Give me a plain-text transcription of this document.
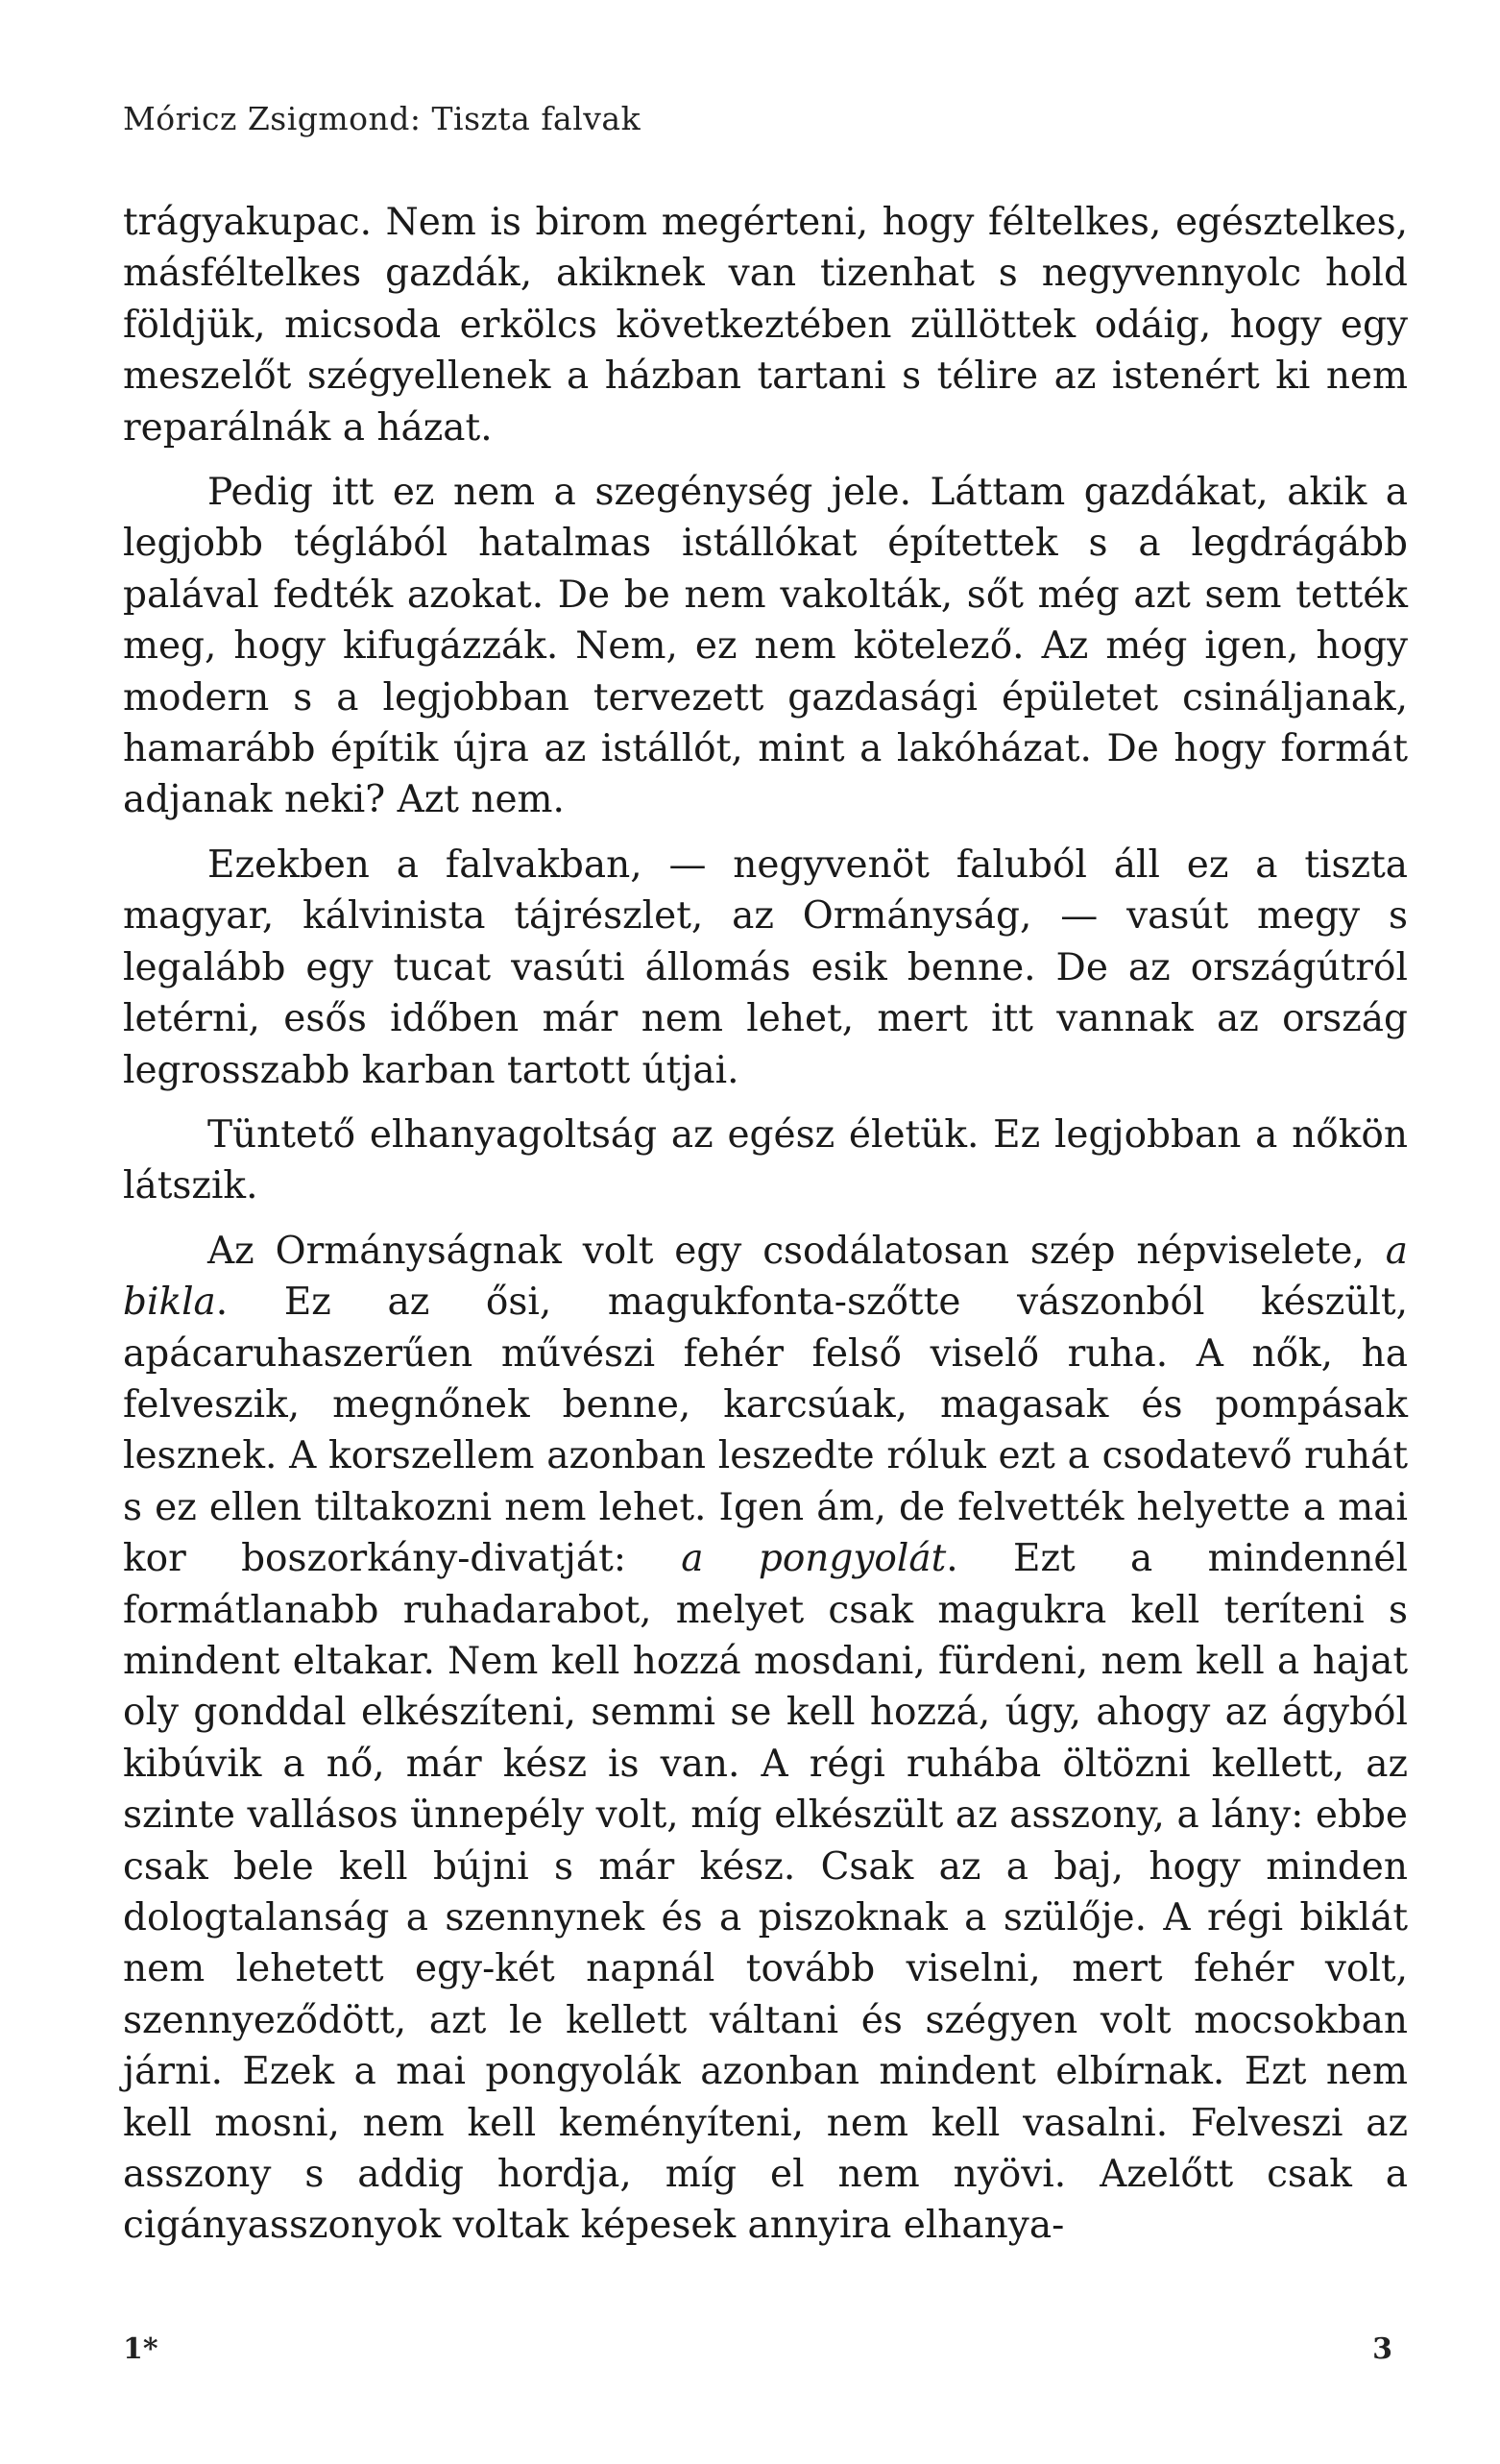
Móricz Zsigmond: Tiszta falvak

trágyakupac. Nem is birom megérteni, hogy féltelkes, egésztelkes, másféltelkes gazdák, akiknek van tizenhat s negyvennyolc hold földjük, micsoda erkölcs következtében züllöttek odáig, hogy egy meszelőt szégyellenek a házban tartani s télire az istenért ki nem reparálnák a házat.

Pedig itt ez nem a szegénység jele. Láttam gazdákat, akik a legjobb téglából hatalmas istállókat építettek s a legdrágább palával fedték azokat. De be nem vakolták, sőt még azt sem tették meg, hogy kifugázzák. Nem, ez nem kötelező. Az még igen, hogy modern s a legjobban tervezett gazdasági épületet csináljanak, hamarább építik újra az istállót, mint a lakóházat. De hogy formát adjanak neki? Azt nem.

Ezekben a falvakban, — negyvenöt faluból áll ez a tiszta magyar, kálvinista tájrészlet, az Ormányság, — vasút megy s legalább egy tucat vasúti állomás esik benne. De az országútról letérni, esős időben már nem lehet, mert itt vannak az ország legrosszabb karban tartott útjai.

Tüntető elhanyagoltság az egész életük. Ez legjobban a nőkön látszik.

Az Ormányságnak volt egy csodálatosan szép népviselete, a bikla. Ez az ősi, magukfonta-szőtte vászonból készült, apácaruhaszerűen művészi fehér felső viselő ruha. A nők, ha felveszik, megnőnek benne, karcsúak, magasak és pompásak lesznek. A korszellem azonban leszedte róluk ezt a csodatevő ruhát s ez ellen tiltakozni nem lehet. Igen ám, de felvették helyette a mai kor boszorkány-divatját: a pongyolát. Ezt a mindennél formátlanabb ruhadarabot, melyet csak magukra kell teríteni s mindent eltakar. Nem kell hozzá mosdani, fürdeni, nem kell a hajat oly gonddal elkészíteni, semmi se kell hozzá, úgy, ahogy az ágyból kibúvik a nő, már kész is van. A régi ruhába öltözni kellett, az szinte vallásos ünnepély volt, míg elkészült az asszony, a lány: ebbe csak bele kell bújni s már kész. Csak az a baj, hogy minden dologtalanság a szennynek és a piszoknak a szülője. A régi biklát nem lehetett egy-két napnál tovább viselni, mert fehér volt, szennyeződött, azt le kellett váltani és szégyen volt mocsokban járni. Ezek a mai pongyolák azonban mindent elbírnak. Ezt nem kell mosni, nem kell keményíteni, nem kell vasalni. Felveszi az asszony s addig hordja, míg el nem nyövi. Azelőtt csak a cigányasszonyok voltak képesek annyira elhanya-

1*	3
